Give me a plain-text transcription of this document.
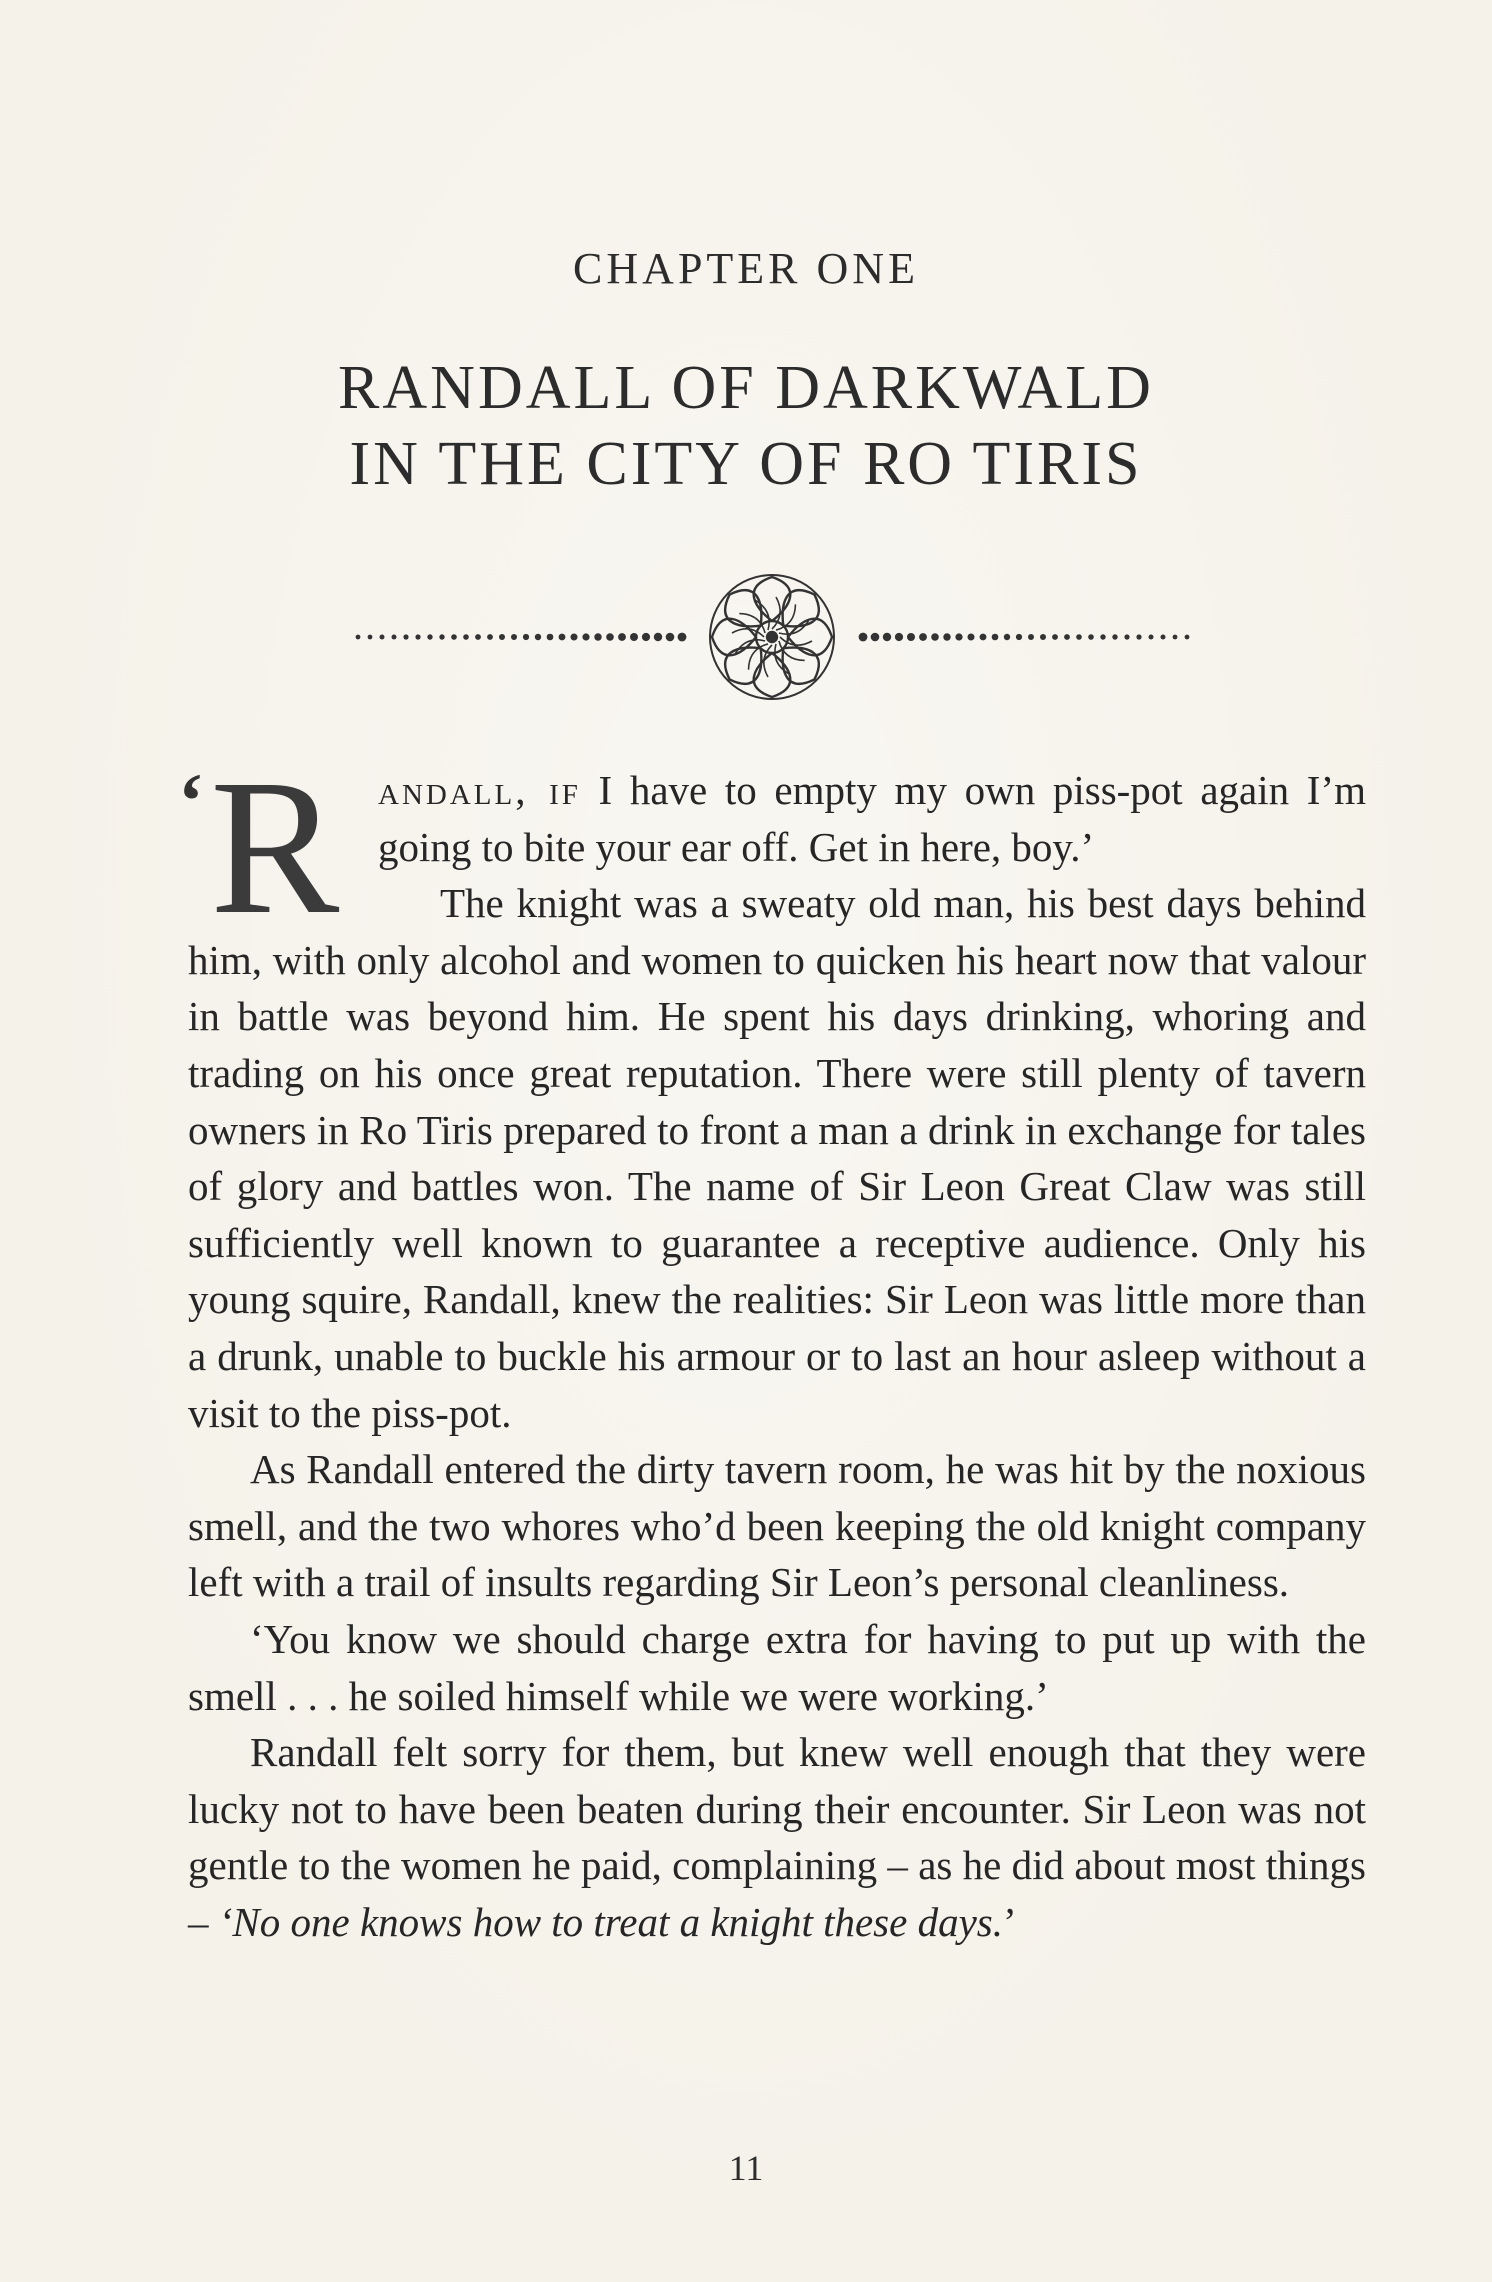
CHAPTER ONE
RANDALL OF DARKWALD
IN THE CITY OF RO TIRIS

‘ R andall, if I have to empty my own piss-pot again I’m going to bite your ear off. Get in here, boy.’

The knight was a sweaty old man, his best days behind him, with only alcohol and women to quicken his heart now that valour in battle was beyond him. He spent his days drinking, whoring and trading on his once great reputation. There were still plenty of tavern owners in Ro Tiris prepared to front a man a drink in exchange for tales of glory and battles won. The name of Sir Leon Great Claw was still sufficiently well known to guarantee a receptive audience. Only his young squire, Randall, knew the realities: Sir Leon was little more than a drunk, unable to buckle his armour or to last an hour asleep without a visit to the piss-pot.

As Randall entered the dirty tavern room, he was hit by the noxious smell, and the two whores who’d been keeping the old knight company left with a trail of insults regarding Sir Leon’s personal cleanliness.

‘You know we should charge extra for having to put up with the smell . . . he soiled himself while we were working.’

Randall felt sorry for them, but knew well enough that they were lucky not to have been beaten during their encounter. Sir Leon was not gentle to the women he paid, complaining – as he did about most things – ‘No one knows how to treat a knight these days.’

11
